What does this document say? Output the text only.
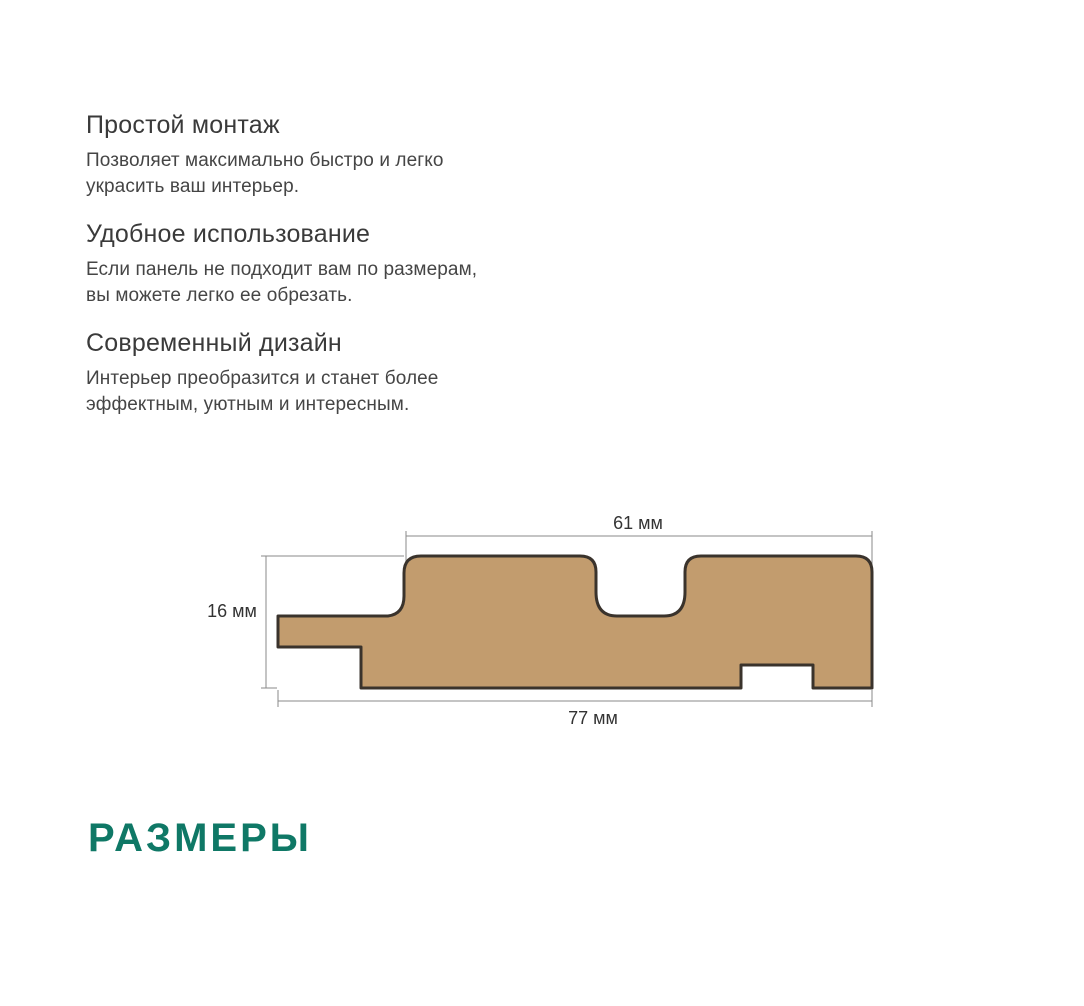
Простой монтаж

Позволяет максимально быстро и легко
украсить ваш интерьер.

Удобное использование

Если панель не подходит вам по размерам,
вы можете легко ее обрезать.

Современный дизайн

Интерьер преобразится и станет более
эффектным, уютным и интересным.

61 мм
16 мм
77 мм
РАЗМЕРЫ
